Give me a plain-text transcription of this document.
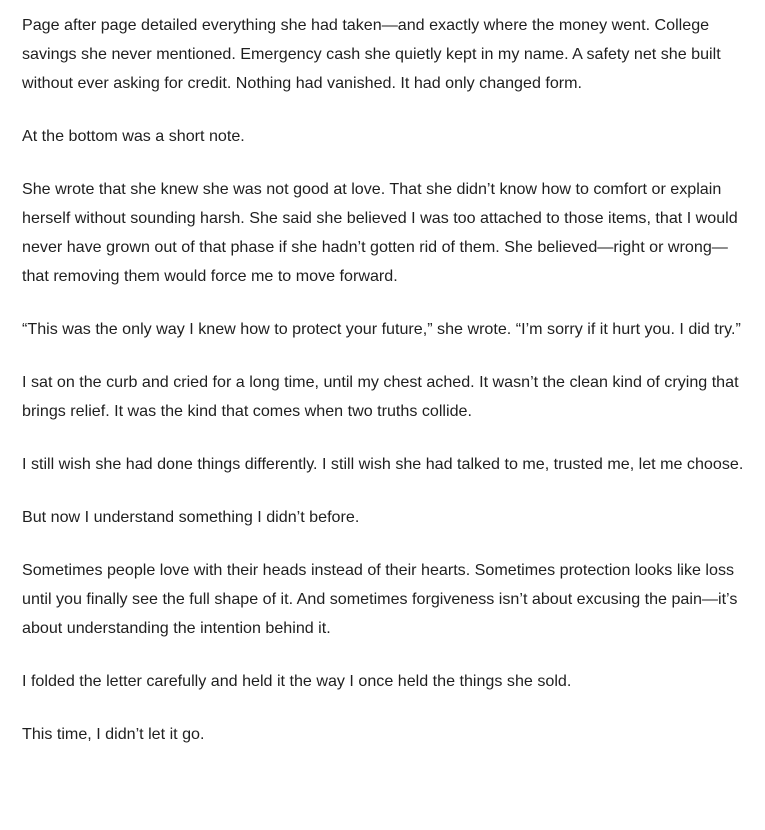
Page after page detailed everything she had taken—and exactly where the money went. College savings she never mentioned. Emergency cash she quietly kept in my name. A safety net she built without ever asking for credit. Nothing had vanished. It had only changed form.

At the bottom was a short note.

She wrote that she knew she was not good at love. That she didn’t know how to comfort or explain herself without sounding harsh. She said she believed I was too attached to those items, that I would never have grown out of that phase if she hadn’t gotten rid of them. She believed—right or wrong—that removing them would force me to move forward.

“This was the only way I knew how to protect your future,” she wrote. “I’m sorry if it hurt you. I did try.”

I sat on the curb and cried for a long time, until my chest ached. It wasn’t the clean kind of crying that brings relief. It was the kind that comes when two truths collide.

I still wish she had done things differently. I still wish she had talked to me, trusted me, let me choose.

But now I understand something I didn’t before.

Sometimes people love with their heads instead of their hearts. Sometimes protection looks like loss until you finally see the full shape of it. And sometimes forgiveness isn’t about excusing the pain—it’s about understanding the intention behind it.

I folded the letter carefully and held it the way I once held the things she sold.

This time, I didn’t let it go.
